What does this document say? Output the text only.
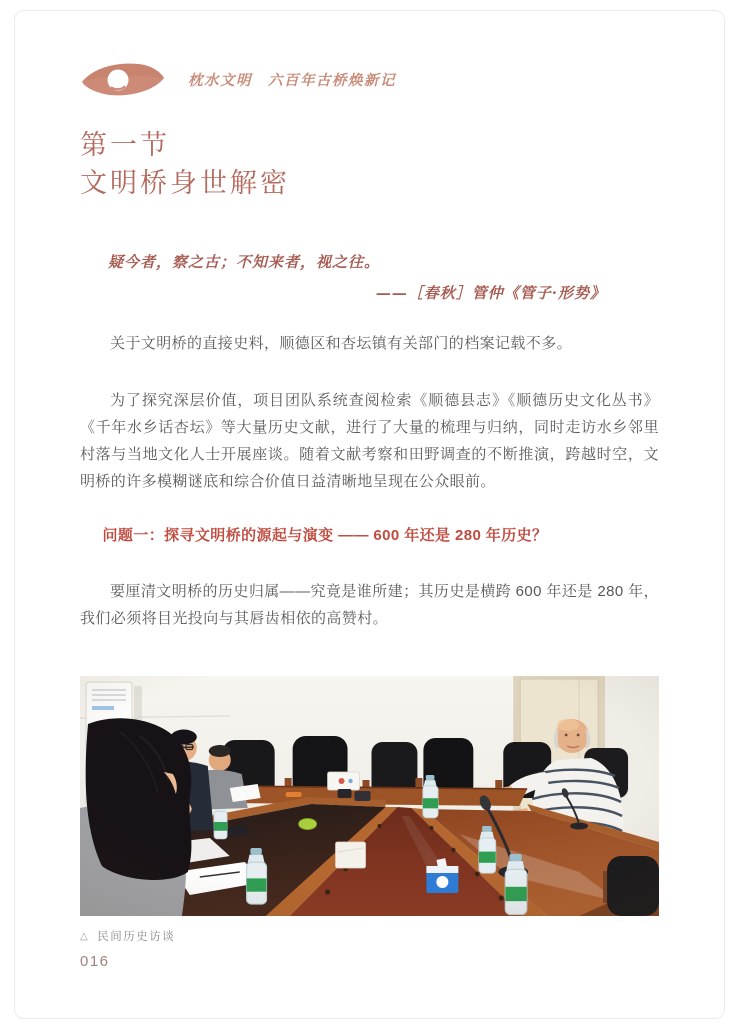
枕水文明 六百年古桥焕新记
第一节
文明桥身世解密
疑今者，察之古；不知来者，视之往。
——［春秋］管仲《管子·形势》

关于文明桥的直接史料，顺德区和杏坛镇有关部门的档案记载不多。

为了探究深层价值，项目团队系统查阅检索《顺德县志》《顺德历史文化丛书》《千年水乡话杏坛》等大量历史文献，进行了大量的梳理与归纳，同时走访水乡邻里村落与当地文化人士开展座谈。随着文献考察和田野调查的不断推演，跨越时空，文明桥的许多模糊谜底和综合价值日益清晰地呈现在公众眼前。

问题一：探寻文明桥的源起与演变 —— 600 年还是 280 年历史？

要厘清文明桥的历史归属——究竟是谁所建；其历史是横跨 600 年还是 280 年，我们必须将目光投向与其唇齿相依的高赞村。

△ 民间历史访谈
016
